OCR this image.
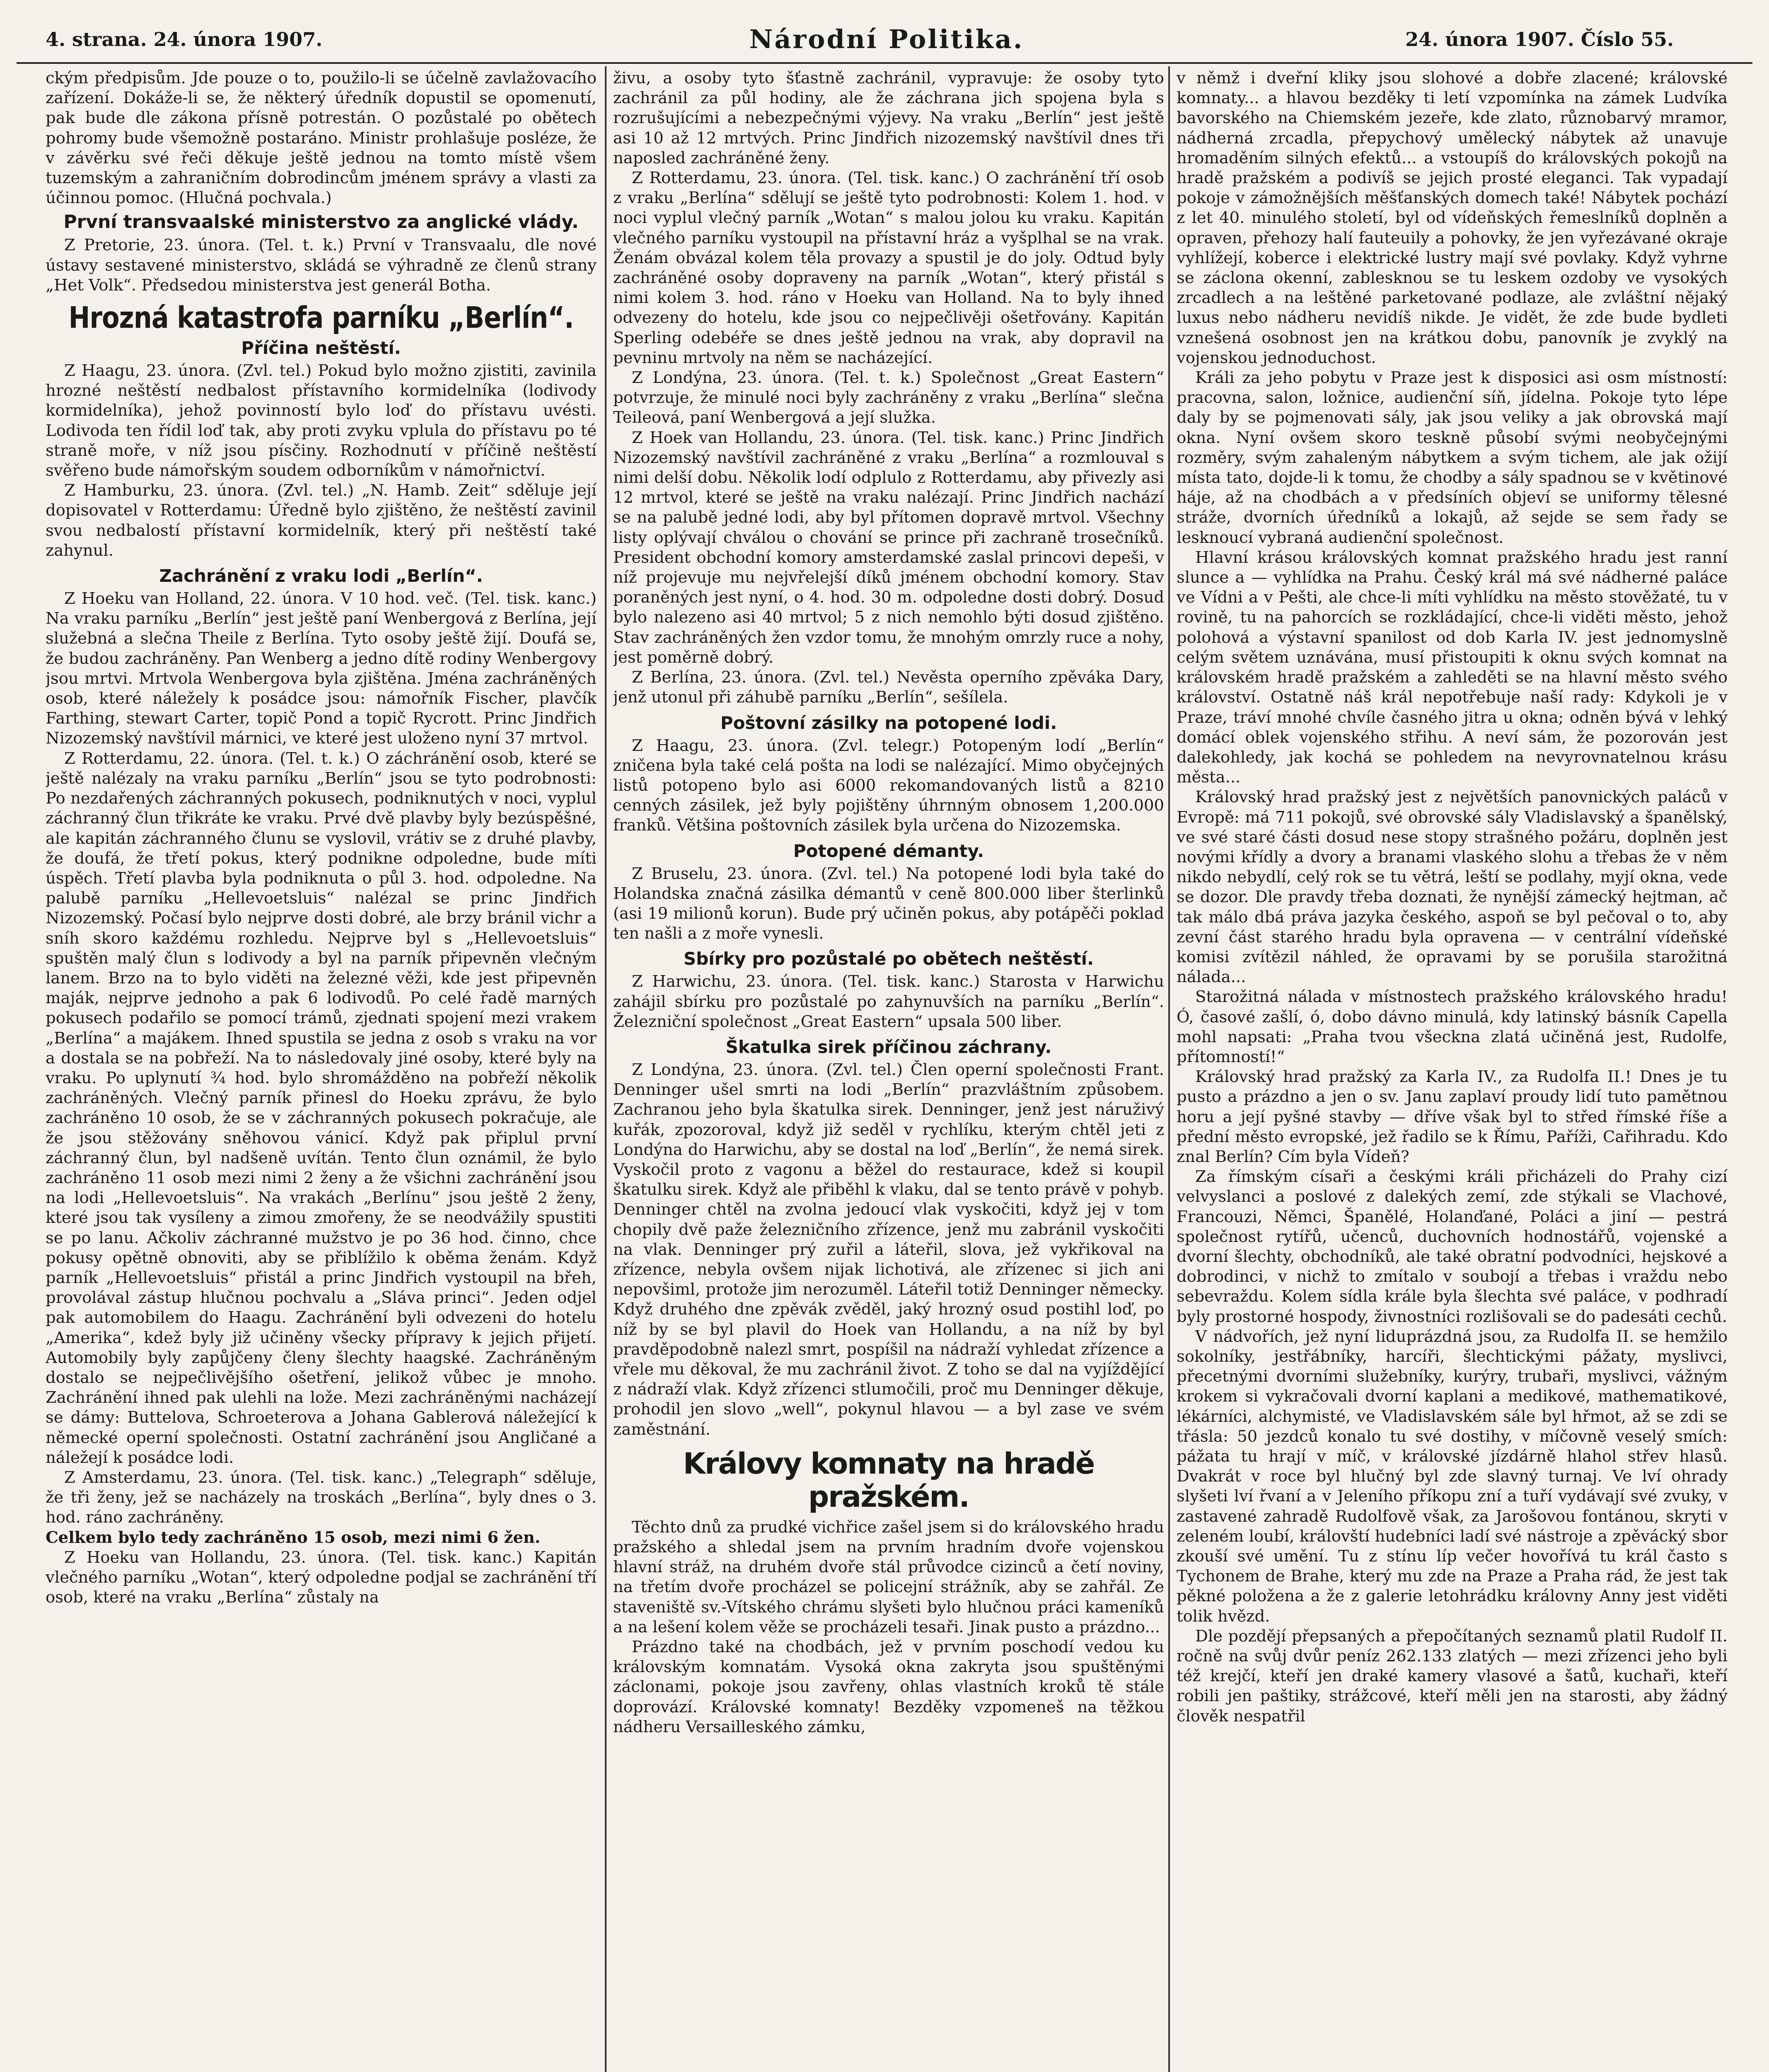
4. strana. 24. února 1907.	Národní Politika.	24. února 1907. Číslo 55.

ckým předpisům. Jde pouze o to, použilo-li se účelně zavlažovacího zařízení. Dokáže-li se, že některý úředník dopustil se opomenutí, pak bude dle zákona přísně potrestán. O pozůstalé po obětech pohromy bude všemožně postaráno. Ministr prohlašuje posléze, že v závěrku své řeči děkuje ještě jednou na tomto místě všem tuzemským a zahraničním dobrodincům jménem správy a vlasti za účinnou pomoc. (Hlučná pochvala.)

První transvaalské ministerstvo za anglické vlády.

Z Pretorie, 23. února. (Tel. t. k.) První v Transvaalu, dle nové ústavy sestavené ministerstvo, skládá se výhradně ze členů strany „Het Volk“. Předsedou ministerstva jest generál Botha.

Hrozná katastrofa parníku „Berlín“.
Příčina neštěstí.

Z Haagu, 23. února. (Zvl. tel.) Pokud bylo možno zjistiti, zavinila hrozné neštěstí nedbalost přístavního kormidelníka (lodivody kormidelníka), jehož povinností bylo loď do přístavu uvésti. Lodivoda ten řídil loď tak, aby proti zvyku vplula do přístavu po té straně moře, v níž jsou písčiny. Rozhodnutí v příčině neštěstí svěřeno bude námořským soudem odborníkům v námořnictví.

Z Hamburku, 23. února. (Zvl. tel.) „N. Hamb. Zeit“ sděluje její dopisovatel v Rotterdamu: Úředně bylo zjištěno, že neštěstí zavinil svou nedbalostí přístavní kormidelník, který při neštěstí také zahynul.

Zachránění z vraku lodi „Berlín“.

Z Hoeku van Holland, 22. února. V 10 hod. več. (Tel. tisk. kanc.) Na vraku parníku „Berlín“ jest ještě paní Wenbergová z Berlína, její služebná a slečna Theile z Berlína. Tyto osoby ještě žijí. Doufá se, že budou zachráněny. Pan Wenberg a jedno dítě rodiny Wenbergovy jsou mrtvi. Mrtvola Wenbergova byla zjištěna. Jména zachráněných osob, které náležely k posádce jsou: námořník Fischer, plavčík Farthing, stewart Carter, topič Pond a topič Rycrott. Princ Jindřich Nizozemský navštívil márnici, ve které jest uloženo nyní 37 mrtvol.

Z Rotterdamu, 22. února. (Tel. t. k.) O záchránění osob, které se ještě nalézaly na vraku parníku „Berlín“ jsou se tyto podrobnosti: Po nezdařených záchranných pokusech, podniknutých v noci, vyplul záchranný člun třikráte ke vraku. Prvé dvě plavby byly bezúspěšné, ale kapitán záchranného člunu se vyslovil, vrátiv se z druhé plavby, že doufá, že třetí pokus, který podnikne odpoledne, bude míti úspěch. Třetí plavba byla podniknuta o půl 3. hod. odpoledne. Na palubě parníku „Hellevoetsluis“ nalézal se princ Jindřich Nizozemský. Počasí bylo nejprve dosti dobré, ale brzy bránil vichr a sníh skoro každému rozhledu. Nejprve byl s „Hellevoetsluis“ spuštěn malý člun s lodivody a byl na parník připevněn vlečným lanem. Brzo na to bylo viděti na železné věži, kde jest připevněn maják, nejprve jednoho a pak 6 lodivodů. Po celé řadě marných pokusech podařilo se pomocí trámů, zjednati spojení mezi vrakem „Berlína“ a majákem. Ihned spustila se jedna z osob s vraku na vor a dostala se na pobřeží. Na to následovaly jiné osoby, které byly na vraku. Po uplynutí ¾ hod. bylo shromážděno na pobřeží několik zachráněných. Vlečný parník přinesl do Hoeku zprávu, že bylo zachráněno 10 osob, že se v záchranných pokusech pokračuje, ale že jsou stěžovány sněhovou vánicí. Když pak připlul první záchranný člun, byl nadšeně uvítán. Tento člun oznámil, že bylo zachráněno 11 osob mezi nimi 2 ženy a že všichni zachránění jsou na lodi „Hellevoetsluis“. Na vrakách „Berlínu“ jsou ještě 2 ženy, které jsou tak vysíleny a zimou zmořeny, že se neodvážily spustiti se po lanu. Ačkoliv záchranné mužstvo je po 36 hod. činno, chce pokusy opětně obnoviti, aby se přiblížilo k oběma ženám. Když parník „Hellevoetsluis“ přistál a princ Jindřich vystoupil na břeh, provolával zástup hlučnou pochvalu a „Sláva princi“. Jeden odjel pak automobilem do Haagu. Zachránění byli odvezeni do hotelu „Amerika“, kdež byly již učiněny všecky přípravy k jejich přijetí. Automobily byly zapůjčeny členy šlechty haagské. Zachráněným dostalo se nejpečlivějšího ošetření, jelikož vůbec je mnoho. Zachránění ihned pak ulehli na lože. Mezi zachráněnými nacházejí se dámy: Buttelova, Schroeterova a Johana Gablerová náležející k německé operní společnosti. Ostatní zachránění jsou Angličané a náležejí k posádce lodi.

Z Amsterdamu, 23. února. (Tel. tisk. kanc.) „Telegraph“ sděluje, že tři ženy, jež se nacházely na troskách „Berlína“, byly dnes o 3. hod. ráno zachráněny.

Celkem bylo tedy zachráněno 15 osob, mezi nimi 6 žen.

Z Hoeku van Hollandu, 23. února. (Tel. tisk. kanc.) Kapitán vlečného parníku „Wotan“, který odpoledne podjal se zachránění tří osob, které na vraku „Berlína“ zůstaly na

živu, a osoby tyto šťastně zachránil, vypravuje: že osoby tyto zachránil za půl hodiny, ale že záchrana jich spojena byla s rozrušujícími a nebezpečnými výjevy. Na vraku „Berlín“ jest ještě asi 10 až 12 mrtvých. Princ Jindřich nizozemský navštívil dnes tři naposled zachráněné ženy.

Z Rotterdamu, 23. února. (Tel. tisk. kanc.) O zachránění tří osob z vraku „Berlína“ sdělují se ještě tyto podrobnosti: Kolem 1. hod. v noci vyplul vlečný parník „Wotan“ s malou jolou ku vraku. Kapitán vlečného parníku vystoupil na přístavní hráz a vyšplhal se na vrak. Ženám obvázal kolem těla provazy a spustil je do joly. Odtud byly zachráněné osoby dopraveny na parník „Wotan“, který přistál s nimi kolem 3. hod. ráno v Hoeku van Holland. Na to byly ihned odvezeny do hotelu, kde jsou co nejpečlivěji ošetřovány. Kapitán Sperling odebéře se dnes ještě jednou na vrak, aby dopravil na pevninu mrtvoly na něm se nacházející.

Z Londýna, 23. února. (Tel. t. k.) Společnost „Great Eastern“ potvrzuje, že minulé noci byly zachráněny z vraku „Berlína“ slečna Teileová, paní Wenbergová a její služka.

Z Hoek van Hollandu, 23. února. (Tel. tisk. kanc.) Princ Jindřich Nizozemský navštívil zachráněné z vraku „Berlína“ a rozmlouval s nimi delší dobu. Několik lodí odplulo z Rotterdamu, aby přivezly asi 12 mrtvol, které se ještě na vraku nalézají. Princ Jindřich nachází se na palubě jedné lodi, aby byl přítomen dopravě mrtvol. Všechny listy oplývají chválou o chování se prince při zachraně trosečníků. President obchodní komory amsterdamské zaslal princovi depeši, v níž projevuje mu nejvřelejší díků jménem obchodní komory. Stav poraněných jest nyní, o 4. hod. 30 m. odpoledne dosti dobrý. Dosud bylo nalezeno asi 40 mrtvol; 5 z nich nemohlo býti dosud zjištěno. Stav zachráněných žen vzdor tomu, že mnohým omrzly ruce a nohy, jest poměrně dobrý.

Z Berlína, 23. února. (Zvl. tel.) Nevěsta operního zpěváka Dary, jenž utonul při záhubě parníku „Berlín“, sešílela.

Poštovní zásilky na potopené lodi.

Z Haagu, 23. února. (Zvl. telegr.) Potopeným lodí „Berlín“ zničena byla také celá pošta na lodi se nalézající. Mimo obyčejných listů potopeno bylo asi 6000 rekomandovaných listů a 8210 cenných zásilek, jež byly pojištěny úhrnným obnosem 1,200.000 franků. Většina poštovních zásilek byla určena do Nizozemska.

Potopené démanty.

Z Bruselu, 23. února. (Zvl. tel.) Na potopené lodi byla také do Holandska značná zásilka démantů v ceně 800.000 liber šterlinků (asi 19 milionů korun). Bude prý učiněn pokus, aby potápěči poklad ten našli a z moře vynesli.

Sbírky pro pozůstalé po obětech neštěstí.

Z Harwichu, 23. února. (Tel. tisk. kanc.) Starosta v Harwichu zahájil sbírku pro pozůstalé po zahynuvších na parníku „Berlín“. Železniční společnost „Great Eastern“ upsala 500 liber.

Škatulka sirek příčinou záchrany.

Z Londýna, 23. února. (Zvl. tel.) Člen operní společnosti Frant. Denninger ušel smrti na lodi „Berlín“ prazvláštním způsobem. Zachranou jeho byla škatulka sirek. Denninger, jenž jest náruživý kuřák, zpozoroval, když již seděl v rychlíku, kterým chtěl jeti z Londýna do Harwichu, aby se dostal na loď „Berlín“, že nemá sirek. Vyskočil proto z vagonu a běžel do restaurace, kdež si koupil škatulku sirek. Když ale přiběhl k vlaku, dal se tento právě v pohyb. Denninger chtěl na zvolna jedoucí vlak vyskočiti, když jej v tom chopily dvě paže železničního zřízence, jenž mu zabránil vyskočiti na vlak. Denninger prý zuřil a láteřil, slova, jež vykřikoval na zřízence, nebyla ovšem nijak lichotivá, ale zřízenec si jich ani nepovšiml, protože jim nerozuměl. Láteřil totiž Denninger německy. Když druhého dne zpěvák zvěděl, jaký hrozný osud postihl loď, po níž by se byl plavil do Hoek van Hollandu, a na níž by byl pravděpodobně nalezl smrt, pospíšil na nádraží vyhledat zřízence a vřele mu děkoval, že mu zachránil život. Z toho se dal na vyjíždějící z nádraží vlak. Když zřízenci stlumočili, proč mu Denninger děkuje, prohodil jen slovo „well“, pokynul hlavou — a byl zase ve svém zaměstnání.

Královy komnaty na hradě pražském.

Těchto dnů za prudké vichřice zašel jsem si do královského hradu pražského a shledal jsem na prvním hradním dvoře vojenskou hlavní stráž, na druhém dvoře stál průvodce cizinců a četí noviny, na třetím dvoře procházel se policejní strážník, aby se zahřál. Ze staveniště sv.-Vítského chrámu slyšeti bylo hlučnou práci kameníků a na lešení kolem věže se procházeli tesaři. Jinak pusto a prázdno...

Prázdno také na chodbách, jež v prvním poschodí vedou ku královským komnatám. Vysoká okna zakryta jsou spuštěnými záclonami, pokoje jsou zavřeny, ohlas vlastních kroků tě stále doprovází. Královské komnaty! Bezděky vzpomeneš na těžkou nádheru Versailleského zámku,

v němž i dveřní kliky jsou slohové a dobře zlacené; královské komnaty... a hlavou bezděky ti letí vzpomínka na zámek Ludvíka bavorského na Chiemském jezeře, kde zlato, různobarvý mramor, nádherná zrcadla, přepychový umělecký nábytek až unavuje hromaděním silných efektů... a vstoupíš do královských pokojů na hradě pražském a podivíš se jejich prosté eleganci. Tak vypadají pokoje v zámožnějších měšťanských domech také! Nábytek pochází z let 40. minulého století, byl od vídeňských řemeslníků doplněn a opraven, přehozy halí fauteuily a pohovky, že jen vyřezávané okraje vyhlížejí, koberce i elektrické lustry mají své povlaky. Když vyhrne se záclona okenní, zablesknou se tu leskem ozdoby ve vysokých zrcadlech a na leštěné parketované podlaze, ale zvláštní nějaký luxus nebo nádheru nevidíš nikde. Je vidět, že zde bude bydleti vznešená osobnost jen na krátkou dobu, panovník je zvyklý na vojenskou jednoduchost.

Králi za jeho pobytu v Praze jest k disposici asi osm místností: pracovna, salon, ložnice, audienční síň, jídelna. Pokoje tyto lépe daly by se pojmenovati sály, jak jsou veliky a jak obrovská mají okna. Nyní ovšem skoro teskně působí svými neobyčejnými rozměry, svým zahaleným nábytkem a svým tichem, ale jak ožijí místa tato, dojde-li k tomu, že chodby a sály spadnou se v květinové háje, až na chodbách a v předsíních objeví se uniformy tělesné stráže, dvorních úředníků a lokajů, až sejde se sem řady se lesknoucí vybraná audienční společnost.

Hlavní krásou královských komnat pražského hradu jest ranní slunce a — vyhlídka na Prahu. Český král má své nádherné paláce ve Vídni a v Pešti, ale chce-li míti vyhlídku na město stověžaté, tu v rovině, tu na pahorcích se rozkládající, chce-li viděti město, jehož polohová a výstavní spanilost od dob Karla IV. jest jednomyslně celým světem uznávána, musí přistoupiti k oknu svých komnat na královském hradě pražském a zahleděti se na hlavní město svého království. Ostatně náš král nepotřebuje naší rady: Kdykoli je v Praze, tráví mnohé chvíle časného jitra u okna; odněn bývá v lehký domácí oblek vojenského střihu. A neví sám, že pozorován jest dalekohledy, jak kochá se pohledem na nevyrovnatelnou krásu města...

Královský hrad pražský jest z největších panovnických paláců v Evropě: má 711 pokojů, své obrovské sály Vladislavský a španělský, ve své staré části dosud nese stopy strašného požáru, doplněn jest novými křídly a dvory a branami vlaského slohu a třebas že v něm nikdo nebydlí, celý rok se tu větrá, leští se podlahy, myjí okna, vede se dozor. Dle pravdy třeba doznati, že nynější zámecký hejtman, ač tak málo dbá práva jazyka českého, aspoň se byl pečoval o to, aby zevní část starého hradu byla opravena — v centrální vídeňské komisi zvítězil náhled, že opravami by se porušila starožitná nálada...

Starožitná nálada v místnostech pražského královského hradu! Ó, časové zašlí, ó, dobo dávno minulá, kdy latinský básník Capella mohl napsati: „Praha tvou všeckna zlatá učiněná jest, Rudolfe, přítomností!“

Královský hrad pražský za Karla IV., za Rudolfa II.! Dnes je tu pusto a prázdno a jen o sv. Janu zaplaví proudy lidí tuto pamětnou horu a její pyšné stavby — dříve však byl to střed římské říše a přední město evropské, jež řadilo se k Římu, Paříži, Cařihradu. Kdo znal Berlín? Cím byla Vídeň?

Za římským císaři a českými králi přicházeli do Prahy cizí velvyslanci a poslové z dalekých zemí, zde stýkali se Vlachové, Francouzi, Němci, Španělé, Holanďané, Poláci a jiní — pestrá společnost rytířů, učenců, duchovních hodnostářů, vojenské a dvorní šlechty, obchodníků, ale také obratní podvodníci, hejskové a dobrodinci, v nichž to zmítalo v soubojí a třebas i vraždu nebo sebevraždu. Kolem sídla krále byla šlechta své paláce, v podhradí byly prostorné hospody, živnostníci rozlišovali se do padesáti cechů.

V nádvořích, jež nyní liduprázdná jsou, za Rudolfa II. se hemžilo sokolníky, jestřábníky, harcíři, šlechtickými pážaty, myslivci, přecetnými dvorními služebníky, kurýry, trubaři, myslivci, vážným krokem si vykračovali dvorní kaplani a medikové, mathematikové, lékárníci, alchymisté, ve Vladislavském sále byl hřmot, až se zdi se třásla: 50 jezdců konalo tu své dostihy, v míčovně veselý smích: pážata tu hrají v míč, v královské jízdárně hlahol střev hlasů. Dvakrát v roce byl hlučný byl zde slavný turnaj. Ve lví ohrady slyšeti lví řvaní a v Jeleního příkopu zní a tuří vydávají své zvuky, v zastavené zahradě Rudolfově však, za Jarošovou fontánou, skryti v zeleném loubí, královští hudebníci ladí své nástroje a zpěvácký sbor zkouší své umění. Tu z stínu líp večer hovořívá tu král často s Tychonem de Brahe, který mu zde na Praze a Praha rád, že jest tak pěkné položena a že z galerie letohrádku královny Anny jest viděti tolik hvězd.

Dle pozdějí přepsaných a přepočítaných seznamů platil Rudolf II. ročně na svůj dvůr peníz 262.133 zlatých — mezi zřízenci jeho byli též krejčí, kteří jen draké kamery vlasové a šatů, kuchaři, kteří robili jen paštiky, strážcové, kteří měli jen na starosti, aby žádný člověk nespatřil
